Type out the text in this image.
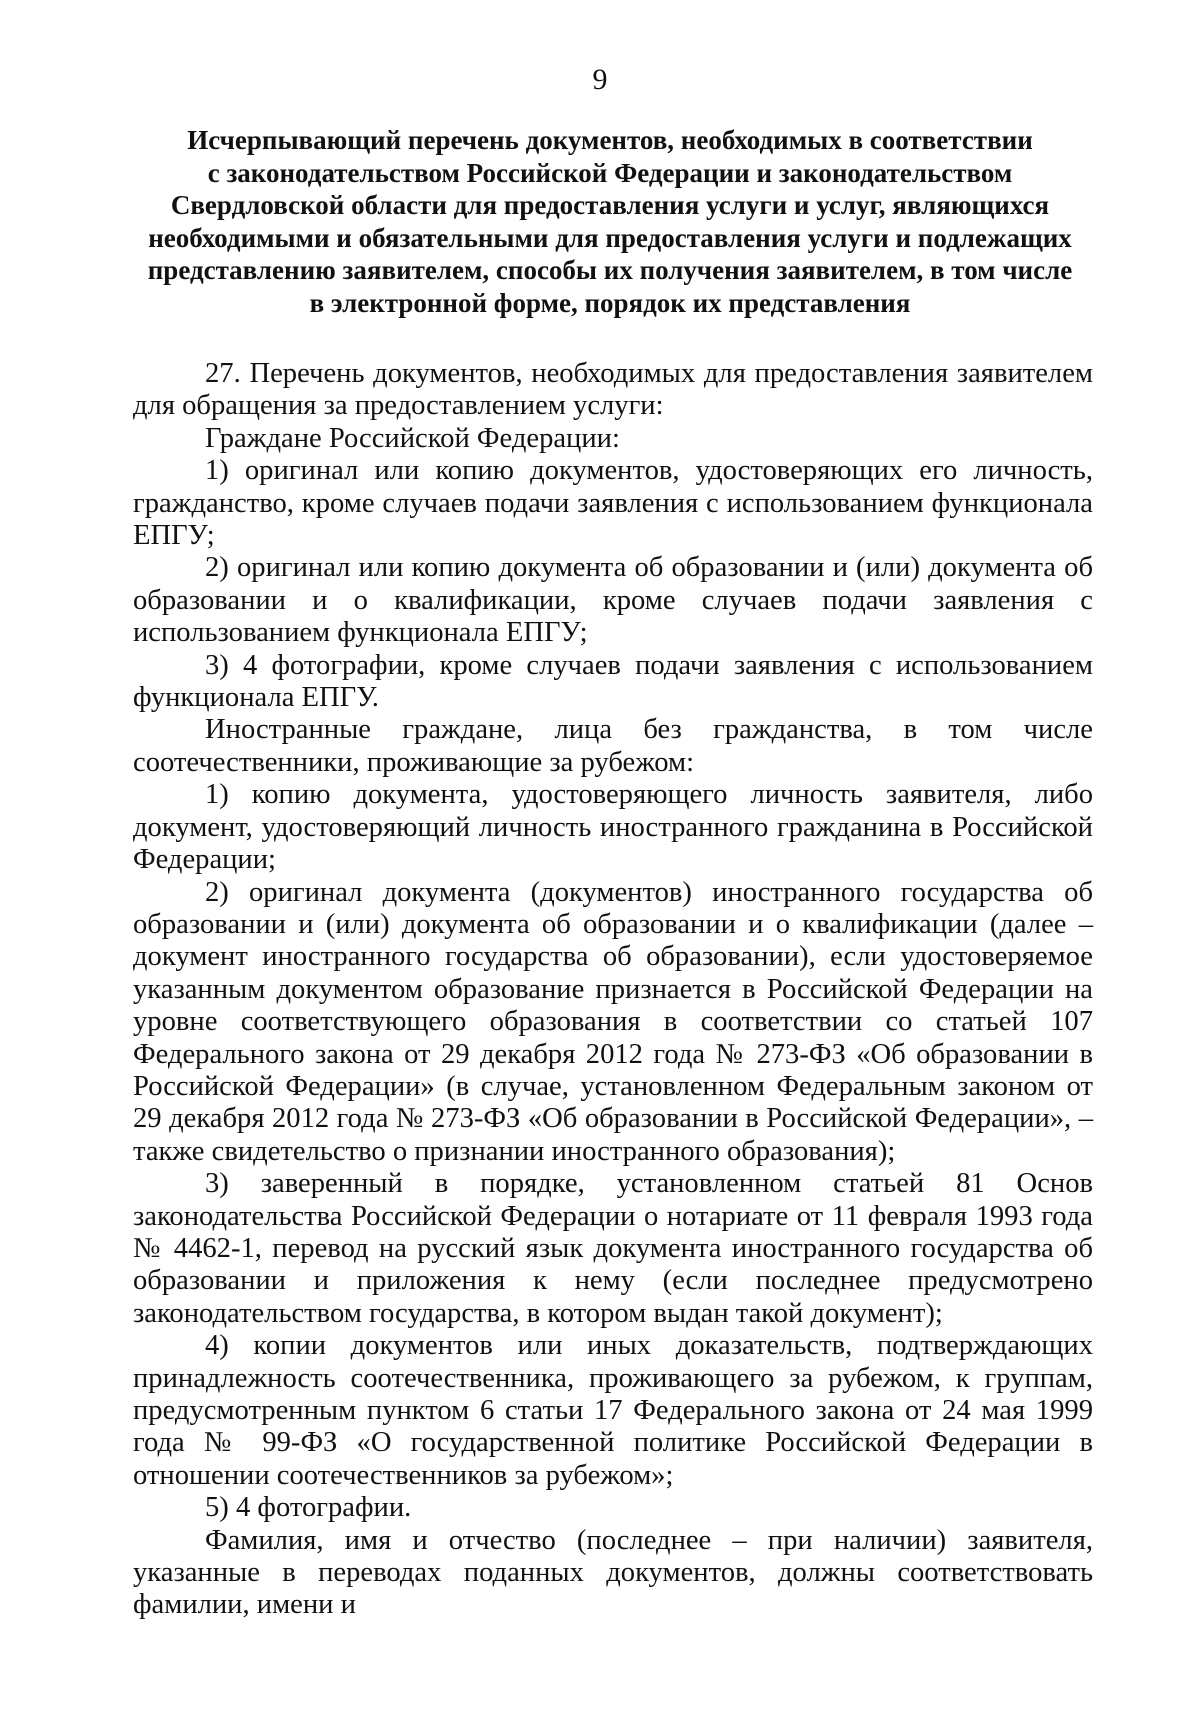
9
Исчерпывающий перечень документов, необходимых в соответствии
с законодательством Российской Федерации и законодательством
Свердловской области для предоставления услуги и услуг, являющихся
необходимыми и обязательными для предоставления услуги и подлежащих
представлению заявителем, способы их получения заявителем, в том числе
в электронной форме, порядок их представления

27. Перечень документов, необходимых для предоставления заявителем для обращения за предоставлением услуги:

Граждане Российской Федерации:

1) оригинал или копию документов, удостоверяющих его личность, гражданство, кроме случаев подачи заявления с использованием функционала ЕПГУ;

2) оригинал или копию документа об образовании и (или) документа об образовании и о квалификации, кроме случаев подачи заявления с использованием функционала ЕПГУ;

3) 4 фотографии, кроме случаев подачи заявления с использованием функционала ЕПГУ.

Иностранные граждане, лица без гражданства, в том числе соотечественники, проживающие за рубежом:

1) копию документа, удостоверяющего личность заявителя, либо документ, удостоверяющий личность иностранного гражданина в Российской Федерации;

2) оригинал документа (документов) иностранного государства об образовании и (или) документа об образовании и о квалификации (далее – документ иностранного государства об образовании), если удостоверяемое указанным документом образование признается в Российской Федерации на уровне соответствующего образования в соответствии со статьей 107 Федерального закона от 29 декабря 2012 года № 273-ФЗ «Об образовании в Российской Федерации» (в случае, установленном Федеральным законом от 29 декабря 2012 года № 273-ФЗ «Об образовании в Российской Федерации», – также свидетельство о признании иностранного образования);

3) заверенный в порядке, установленном статьей 81 Основ законодательства Российской Федерации о нотариате от 11 февраля 1993 года № 4462-1, перевод на русский язык документа иностранного государства об образовании и приложения к нему (если последнее предусмотрено законодательством государства, в котором выдан такой документ);

4) копии документов или иных доказательств, подтверждающих принадлежность соотечественника, проживающего за рубежом, к группам, предусмотренным пунктом 6 статьи 17 Федерального закона от 24 мая 1999 года № 99-ФЗ «О государственной политике Российской Федерации в отношении соотечественников за рубежом»;

5) 4 фотографии.

Фамилия, имя и отчество (последнее – при наличии) заявителя, указанные в переводах поданных документов, должны соответствовать фамилии, имени и
